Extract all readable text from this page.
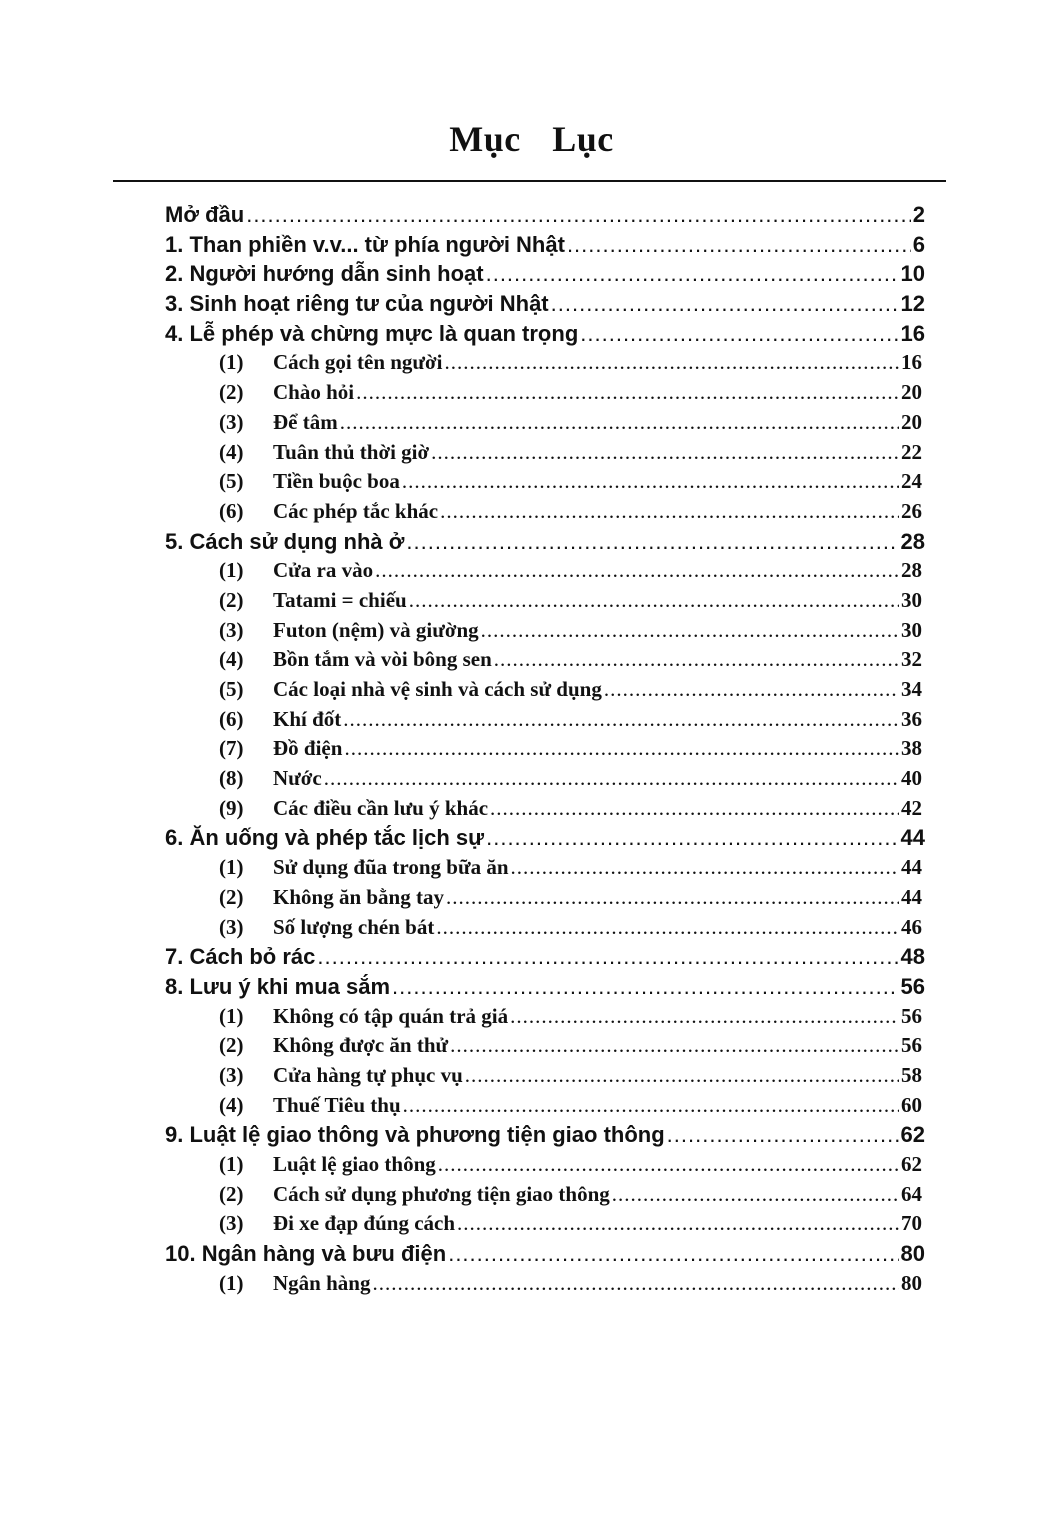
Mục Lục
Mở đầu .....	2
1. Than phiền v.v... từ phía người Nhật .....	6
2. Người hướng dẫn sinh hoạt .....	10
3. Sinh hoạt riêng tư của người Nhật .....	12
4. Lễ phép và chừng mực là quan trọng .....	16
(1)	Cách gọi tên người .....	16
(2)	Chào hỏi .....	20
(3)	Để tâm .....	20
(4)	Tuân thủ thời giờ .....	22
(5)	Tiền buộc boa .....	24
(6)	Các phép tắc khác .....	26
5. Cách sử dụng nhà ở .....	28
(1)	Cửa ra vào .....	28
(2)	Tatami = chiếu .....	30
(3)	Futon (nệm) và giường .....	30
(4)	Bồn tắm và vòi bông sen .....	32
(5)	Các loại nhà vệ sinh và cách sử dụng .....	34
(6)	Khí đốt .....	36
(7)	Đồ điện .....	38
(8)	Nước .....	40
(9)	Các điều cần lưu ý khác .....	42
6. Ăn uống và phép tắc lịch sự .....	44
(1)	Sử dụng đũa trong bữa ăn .....	44
(2)	Không ăn bằng tay .....	44
(3)	Số lượng chén bát .....	46
7. Cách bỏ rác .....	48
8. Lưu ý khi mua sắm .....	56
(1)	Không có tập quán trả giá .....	56
(2)	Không được ăn thử .....	56
(3)	Cửa hàng tự phục vụ .....	58
(4)	Thuế Tiêu thụ .....	60
9. Luật lệ giao thông và phương tiện giao thông .....	62
(1)	Luật lệ giao thông .....	62
(2)	Cách sử dụng phương tiện giao thông .....	64
(3)	Đi xe đạp đúng cách .....	70
10. Ngân hàng và bưu điện .....	80
(1)	Ngân hàng .....	80
